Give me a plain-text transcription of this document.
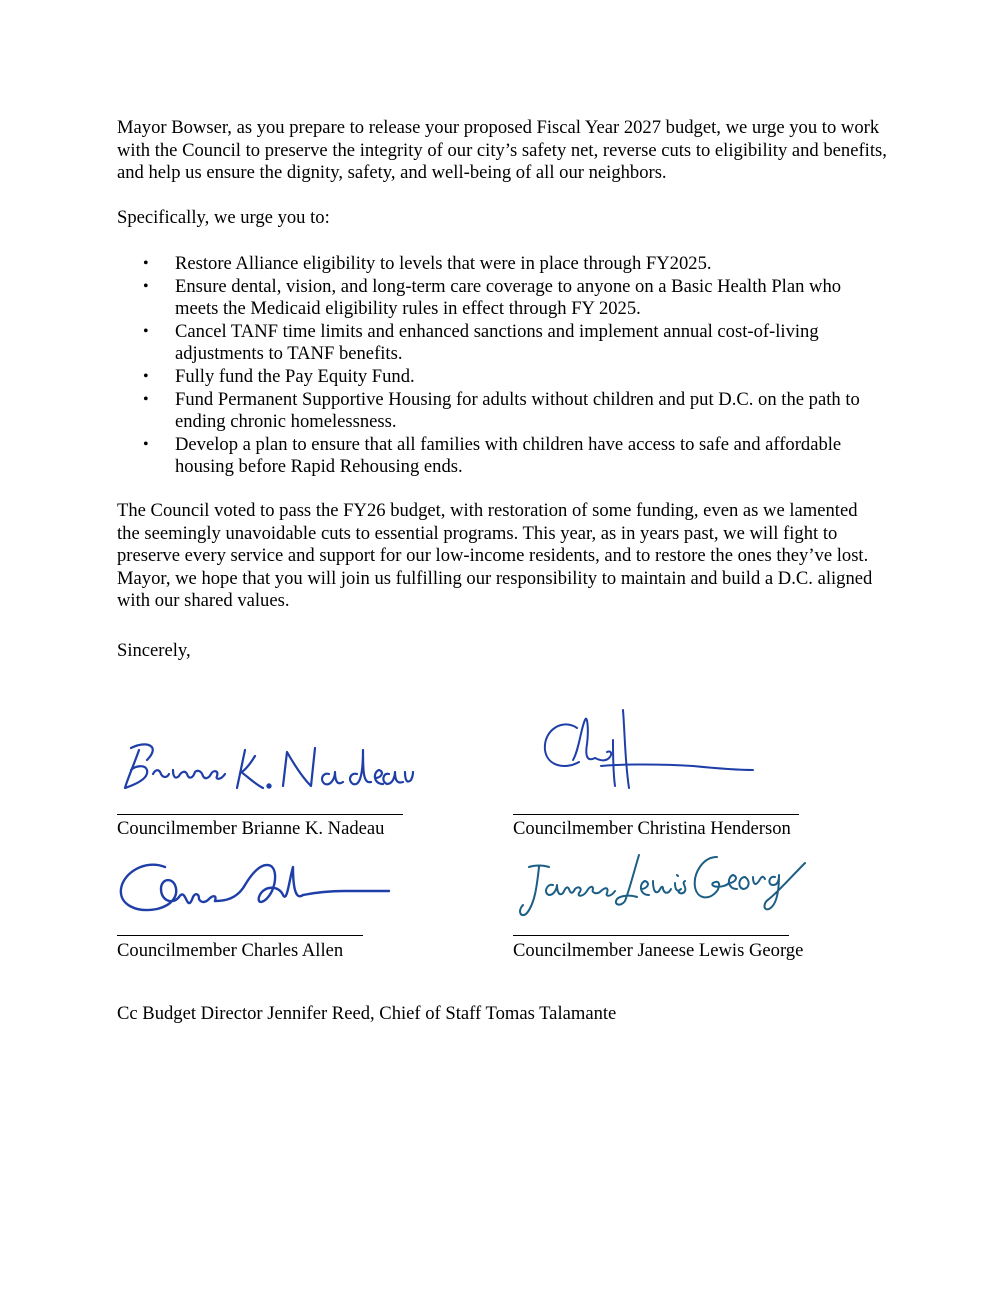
Mayor Bowser, as you prepare to release your proposed Fiscal Year 2027 budget, we urge you to work with the Council to preserve the integrity of our city’s safety net, reverse cuts to eligibility and benefits, and help us ensure the dignity, safety, and well-being of all our neighbors.

Specifically, we urge you to:

• Restore Alliance eligibility to levels that were in place through FY2025.
• Ensure dental, vision, and long-term care coverage to anyone on a Basic Health Plan who meets the Medicaid eligibility rules in effect through FY 2025.
• Cancel TANF time limits and enhanced sanctions and implement annual cost-of-living adjustments to TANF benefits.
• Fully fund the Pay Equity Fund.
• Fund Permanent Supportive Housing for adults without children and put D.C. on the path to ending chronic homelessness.
• Develop a plan to ensure that all families with children have access to safe and affordable housing before Rapid Rehousing ends.

The Council voted to pass the FY26 budget, with restoration of some funding, even as we lamented the seemingly unavoidable cuts to essential programs. This year, as in years past, we will fight to preserve every service and support for our low-income residents, and to restore the ones they’ve lost. Mayor, we hope that you will join us fulfilling our responsibility to maintain and build a D.C. aligned with our shared values.

Sincerely,

Councilmember Brianne K. Nadeau	Councilmember Christina Henderson
Councilmember Charles Allen	Councilmember Janeese Lewis George

Cc Budget Director Jennifer Reed, Chief of Staff Tomas Talamante
